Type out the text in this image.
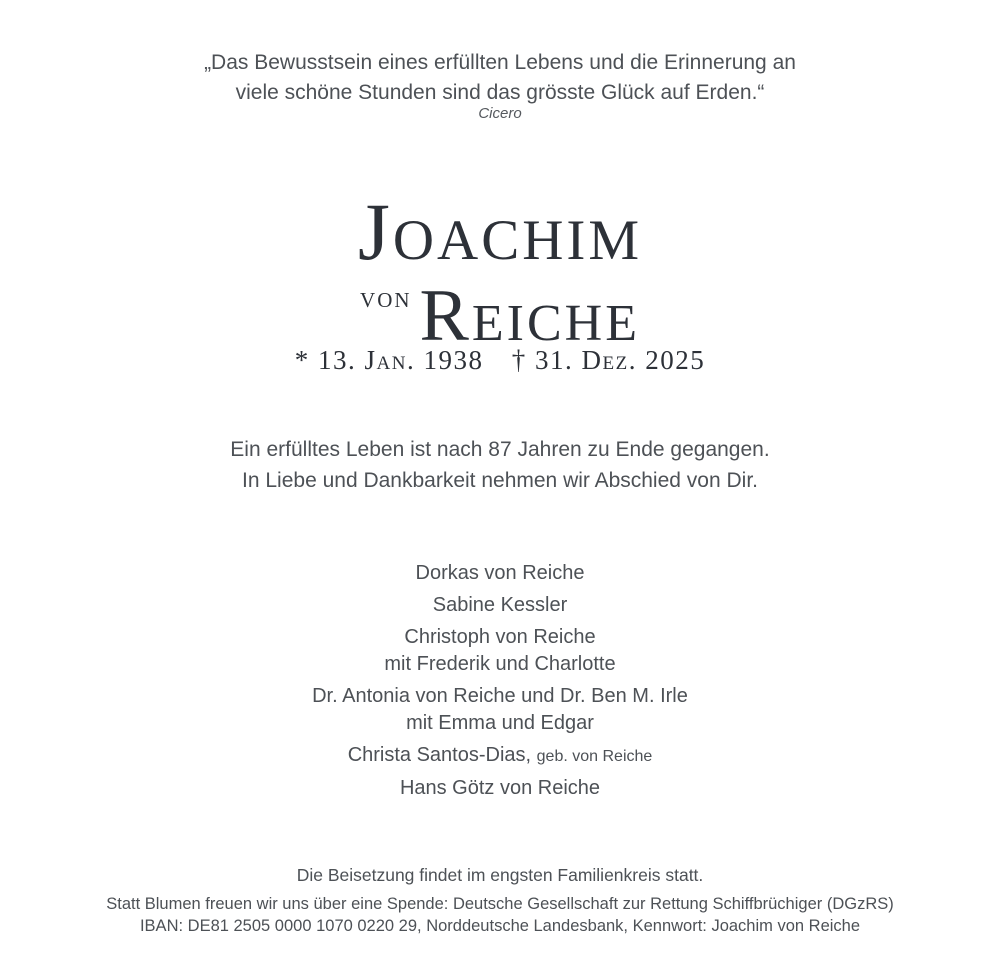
„Das Bewusstsein eines erfüllten Lebens und die Erinnerung an
viele schöne Stunden sind das grösste Glück auf Erden.“
Cicero
Joachim
$^{von}$ Reiche
* 13. Jan. 1938 † 31. Dez. 2025
Ein erfülltes Leben ist nach 87 Jahren zu Ende gegangen.
In Liebe und Dankbarkeit nehmen wir Abschied von Dir.
Dorkas von Reiche
Sabine Kessler
Christoph von Reiche
mit Frederik und Charlotte
Dr. Antonia von Reiche und Dr. Ben M. Irle
mit Emma und Edgar
Christa Santos-Dias, geb. von Reiche
Hans Götz von Reiche
Die Beisetzung findet im engsten Familienkreis statt.
Statt Blumen freuen wir uns über eine Spende: Deutsche Gesellschaft zur Rettung Schiffbrüchiger (DGzRS)
IBAN: DE81 2505 0000 1070 0220 29, Norddeutsche Landesbank, Kennwort: Joachim von Reiche
